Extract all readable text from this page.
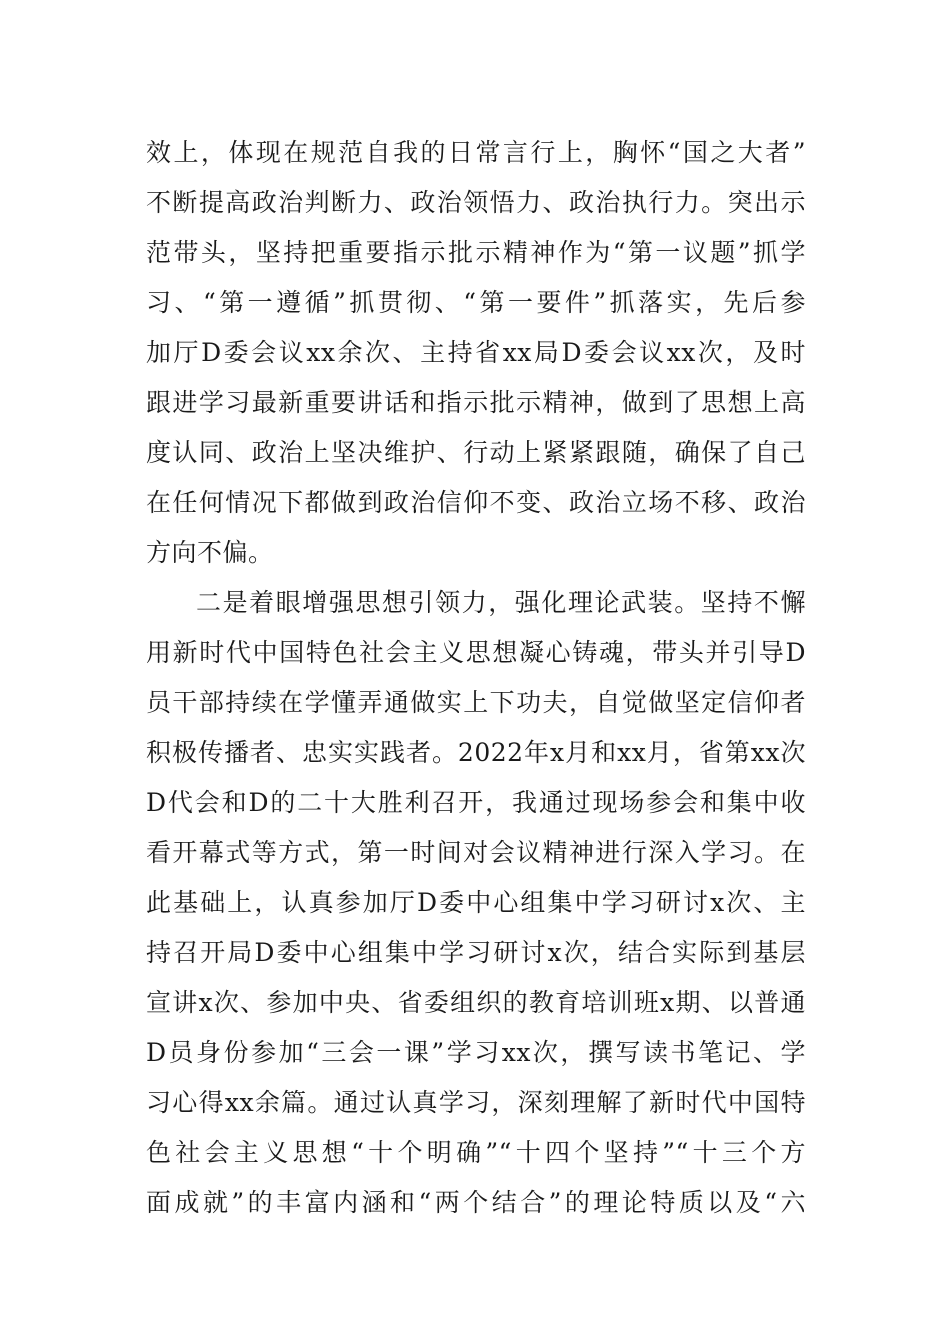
效上，体现在规范自我的日常言行上，胸怀“国之大者”
不断提高政治判断力、政治领悟力、政治执行力。突出示
范带头，坚持把重要指示批示精神作为“第一议题”抓学
习、“第一遵循”抓贯彻、“第一要件”抓落实，先后参
加厅D委会议xx余次、主持省xx局D委会议xx次，及时
跟进学习最新重要讲话和指示批示精神，做到了思想上高
度认同、政治上坚决维护、行动上紧紧跟随，确保了自己
在任何情况下都做到政治信仰不变、政治立场不移、政治
方向不偏。
二是着眼增强思想引领力，强化理论武装。坚持不懈
用新时代中国特色社会主义思想凝心铸魂，带头并引导D
员干部持续在学懂弄通做实上下功夫，自觉做坚定信仰者
积极传播者、忠实实践者。2022年x月和xx月，省第xx次
D代会和D的二十大胜利召开，我通过现场参会和集中收
看开幕式等方式，第一时间对会议精神进行深入学习。在
此基础上，认真参加厅D委中心组集中学习研讨x次、主
持召开局D委中心组集中学习研讨x次，结合实际到基层
宣讲x次、参加中央、省委组织的教育培训班x期、以普通
D员身份参加“三会一课”学习xx次，撰写读书笔记、学
习心得xx余篇。通过认真学习，深刻理解了新时代中国特
色社会主义思想“十个明确”“十四个坚持”“十三个方
面成就”的丰富内涵和“两个结合”的理论特质以及“六
